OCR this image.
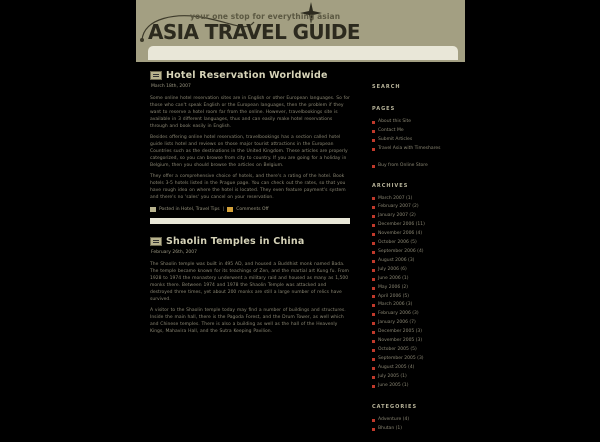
your one stop for everything asian
ASIA TRAVEL GUIDE
Hotel Reservation Worldwide
March 18th, 2007

Some online hotel reservation sites are in English or other European languages. So for those who can't speak English or the European languages, then the problem if they want to reserve a hotel room far from the online. However, travelbookings site is available in 3 different languages, thus and can easily make hotel reservations through and book easily in English.

Besides offering online hotel reservation, travelbookings has a section called hotel guide lists hotel and reviews on those major tourist attractions in the European Countries such as the destinations in the United Kingdom. These articles are properly categorized, so you can browse from city to country. If you are going for a holiday in Belgium, then you should browse the articles on Belgium.

They offer a comprehensive choice of hotels, and there's a rating of the hotel. Book hotels 3-5 hotels listed in the Prague page. You can check out the rates, so that you have rough idea on where the hotel is located. They even feature payment's system and there's no 'sales' you cancel on your reservation.

Posted in Hotel, Travel Tips |	Comments Off
Shaolin Temples in China
February 26th, 2007

The Shaolin temple was built in 495 AD, and housed a Buddhist monk named Bada. The temple became known for its teachings of Zen, and the martial art Kung fu. From 1928 to 1974 the monastery underwent a military raid and housed as many as 1,500 monks there. Between 1974 and 1978 the Shaolin Temple was attacked and destroyed three times, yet about 200 monks are still a large number of relics have survived.

A visitor to the Shaolin temple today may find a number of buildings and structures. Inside the main hall, there is the Pagoda Forest, and the Drum Tower, as well which and Chinese temples. There is also a building as well as the hall of the Heavenly Kings, Mahavira Hall, and the Sutra Keeping Pavilion.

SEARCH
PAGES
About this Site
Contact Me
Submit Articles
Travel Asia with Timeshares
Buy from Online Store
ARCHIVES
March 2007 (1)
February 2007 (2)
January 2007 (2)
December 2006 (11)
November 2006 (4)
October 2006 (5)
September 2006 (4)
August 2006 (3)
July 2006 (6)
June 2006 (1)
May 2006 (2)
April 2006 (5)
March 2006 (3)
February 2006 (3)
January 2006 (7)
December 2005 (3)
November 2005 (3)
October 2005 (5)
September 2005 (3)
August 2005 (4)
July 2005 (1)
June 2005 (1)
CATEGORIES
Adventure (4)
Bhutan (1)
